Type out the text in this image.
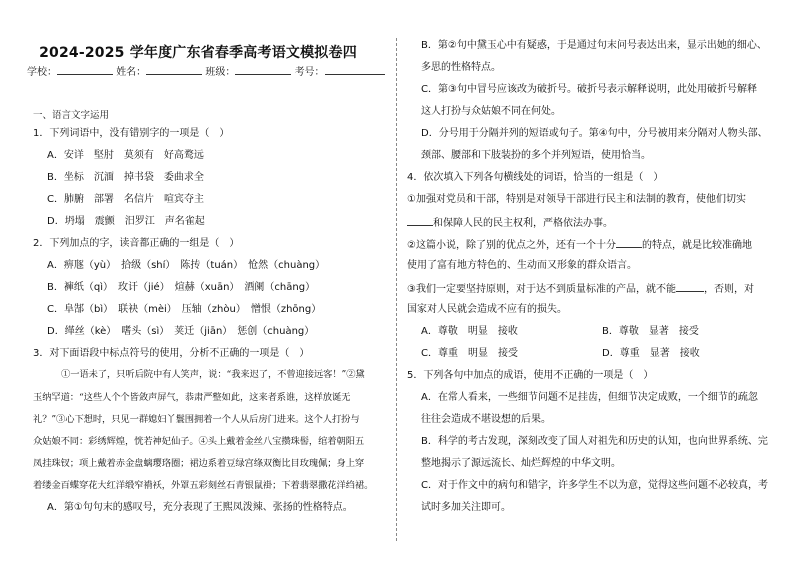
2024-2025 学年度广东省春季高考语文模拟卷四
学校：	姓名：	班级：	考号：
一、语言文字运用
1．下列词语中，没有错别字的一项是（　）
A．安详　堅肘　莫须有　好高鹜远
B．坐标　沉湎　掉书袋　委曲求全
C．肺腑　部署　名信片　喧宾夺主
D．坍塌　震颤　汨罗江　声名雀起
2．下列加点的字，读音都正确的一组是（　）
A．痹豗（yù）　拾级（shí）　陈抟（tuán）　怆然（chuàng）
B．褲纸（qì）　玫讦（jié）　煊赫（xuān）　酒阑（chāng）
C．阜郜（bì）　联袂（mèi）　压轴（zhòu）　憎恨（zhōng）
D．缂丝（kè）　嗜头（sì）　荚迁（jiān）　惩创（chuàng）
3．对下面语段中标点符号的使用，分析不正确的一项是（　）
①一语未了，只听后院中有人笑声，说：“我来迟了，不曾迎接远客！”②黛
玉纳罕道：“这些人个个皆敛声屏气，恭肃严整如此，这来者系谁，这样放诞无
礼？”③心下想时，只见一群媳妇丫鬟围拥着一个人从后房门进来。这个人打扮与
众姑娘不同：彩绣辉煌，恍若神妃仙子。④头上戴着金丝八宝攒珠髻，绾着朝阳五
凤挂珠钗；项上戴着赤金盘螭璎珞圈；裙边系着豆绿宫绦双衡比目玫瑰佩；身上穿
着缕金百蝶穿花大红洋缎窄褙袄，外罩五彩刻丝石青银鼠褂；下着翡翠撒花洋绉裙。
A．第①句句末的感叹号，充分表现了王熙凤泼辣、张扬的性格特点。
B．第②句中黛玉心中有疑惑，于是通过句末问号表达出来，显示出她的细心、
多思的性格特点。
C．第③句中冒号应该改为破折号。破折号表示解释说明，此处用破折号解释
这人打扮与众姑娘不同在何处。
D．分号用于分隔并列的短语或句子。第④句中，分号被用来分隔对人物头部、
颈部、腰部和下肢装扮的多个并列短语，使用恰当。
4．依次填入下列各句横线处的词语，恰当的一组是（　）
①加强对党员和干部，特别是对领导干部进行民主和法制的教育，使他们切实
和保障人民的民主权利，严格依法办事。
②这篇小说，除了别的优点之外，还有一个十分	的特点，就是比较准确地
使用了富有地方特色的、生动而又形象的群众语言。
③我们一定要坚持原则，对于达不到质量标准的产品，就不能	，否则，对
国家对人民就会造成不应有的损失。
A．尊敬　明显　接收	B．尊敬　显著　接受
C．尊重　明显　接受	D．尊重　显著　接收
5．下列各句中加点的成语，使用不正确的一项是（　）
A．在常人看来，一些细节问题不足挂齿，但细节决定成败，一个细节的疏忽
往往会造成不堪设想的后果。
B．科学的考古发现，深刻改变了国人对祖先和历史的认知，也向世界系统、完
整地揭示了源远流长、灿烂辉煌的中华文明。
C．对于作文中的病句和错字，许多学生不以为意，觉得这些问题不必较真，考
试时多加关注即可。
